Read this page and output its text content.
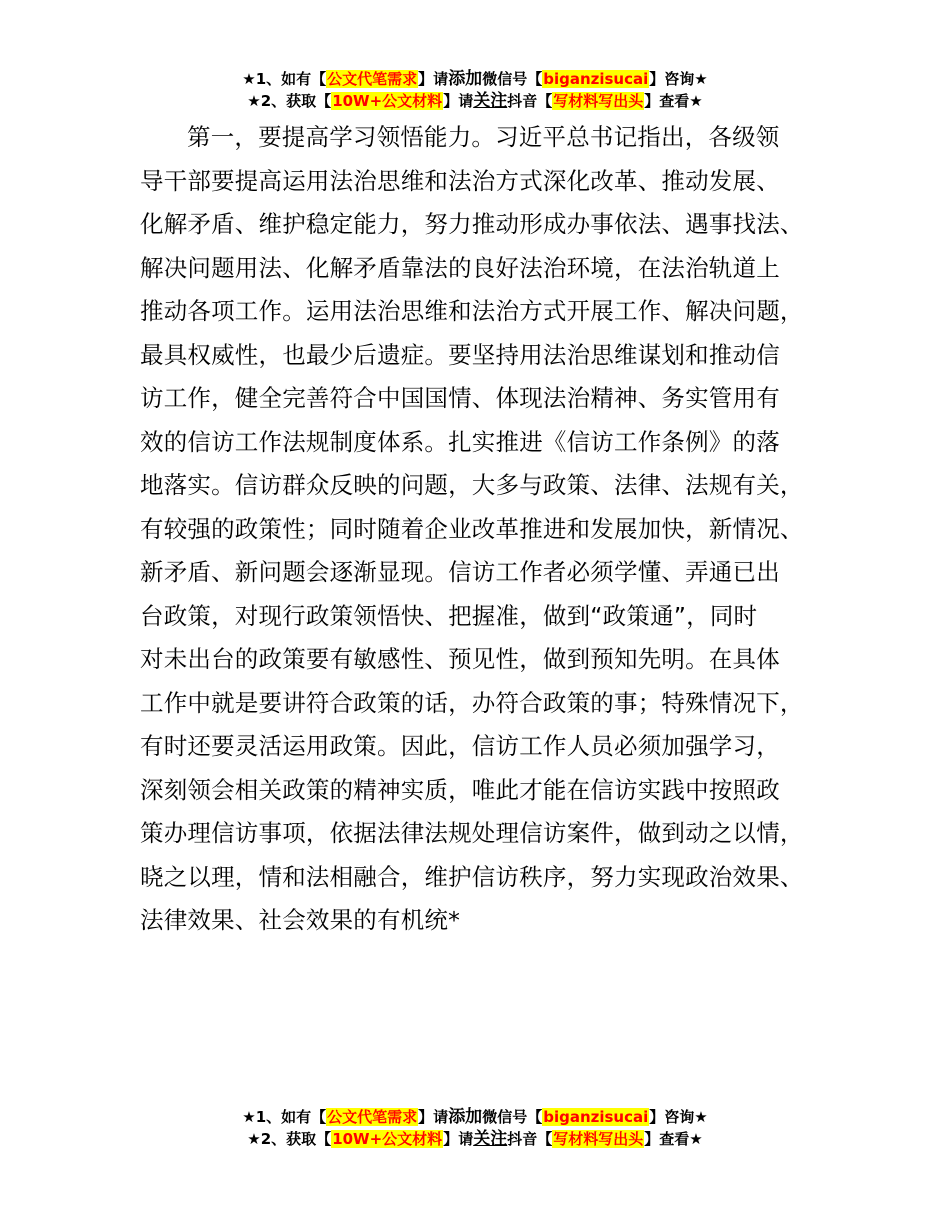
★1、如有【公文代笔需求】请添加微信号【biganzisucai】咨询★
★2、获取【10W+公文材料】请关注抖音【写材料写出头】查看★
第一，要提高学习领悟能力。习近平总书记指出，各级领
导干部要提高运用法治思维和法治方式深化改革、推动发展、
化解矛盾、维护稳定能力，努力推动形成办事依法、遇事找法、
解决问题用法、化解矛盾靠法的良好法治环境，在法治轨道上
推动各项工作。运用法治思维和法治方式开展工作、解决问题，
最具权威性，也最少后遗症。要坚持用法治思维谋划和推动信
访工作，健全完善符合中国国情、体现法治精神、务实管用有
效的信访工作法规制度体系。扎实推进《信访工作条例》的落
地落实。信访群众反映的问题，大多与政策、法律、法规有关，
有较强的政策性；同时随着企业改革推进和发展加快，新情况、
新矛盾、新问题会逐渐显现。信访工作者必须学懂、弄通已出
台政策，对现行政策领悟快、把握准，做到“政策通”，同时
对未出台的政策要有敏感性、预见性，做到预知先明。在具体
工作中就是要讲符合政策的话，办符合政策的事；特殊情况下，
有时还要灵活运用政策。因此，信访工作人员必须加强学习，
深刻领会相关政策的精神实质，唯此才能在信访实践中按照政
策办理信访事项，依据法律法规处理信访案件，做到动之以情，
晓之以理，情和法相融合，维护信访秩序，努力实现政治效果、
法律效果、社会效果的有机统*
★1、如有【公文代笔需求】请添加微信号【biganzisucai】咨询★
★2、获取【10W+公文材料】请关注抖音【写材料写出头】查看★
